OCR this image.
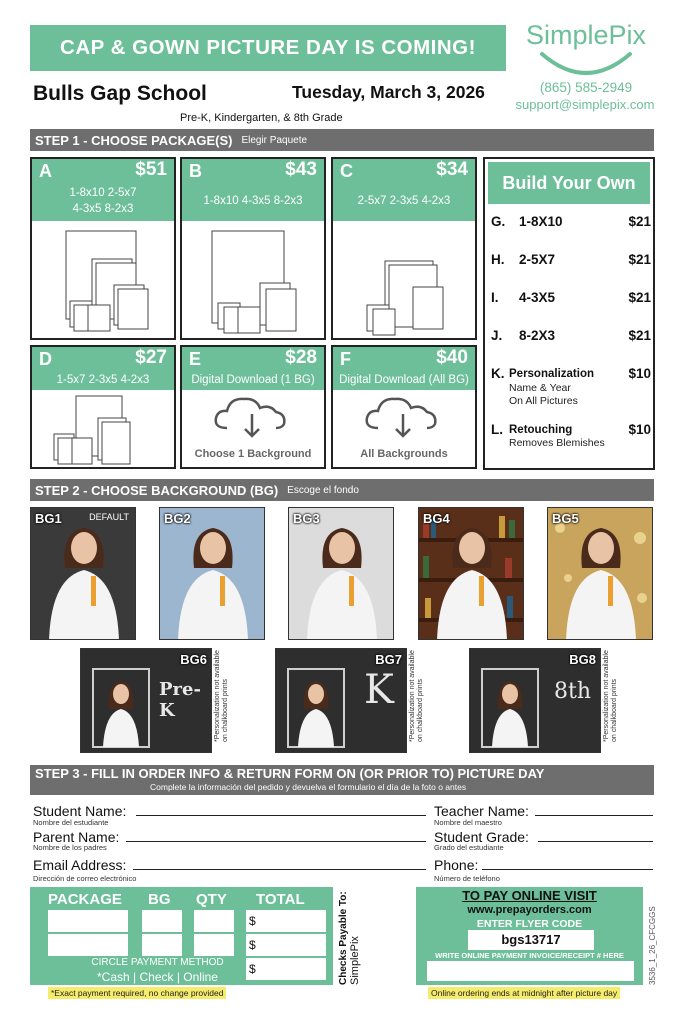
CAP & GOWN PICTURE DAY IS COMING!	SimplePix
(865) 585-2949
support@simplepix.com
Bulls Gap School	Tuesday, March 3, 2026
Pre-K, Kindergarten, & 8th Grade
STEP 1 - CHOOSE PACKAGE(S) Elegir Paquete
A	$51
1-8x10 2-5x7
4-3x5 8-2x3
B	$43
1-8x10 4-3x5 8-2x3
C	$34
2-5x7 2-3x5 4-2x3
Build Your Own
G. 1-8X10	$21
H. 2-5X7	$21
I. 4-3X5	$21
J. 8-2X3	$21
K. Personalization	$10
Name & Year
On All Pictures
L. Retouching	$10
Removes Blemishes
D	$27
1-5x7 2-3x5 4-2x3
E	$28
Digital Download (1 BG)
Choose 1 Background
F	$40
Digital Download (All BG)
All Backgrounds
STEP 2 - CHOOSE BACKGROUND (BG) Escoge el fondo
BG1	DEFAULT	BG2	BG3	BG4	BG5
BG6
Pre-K	*Personalization not available on chalkboard prints
BG7
K *Personalization not available on chalkboard prints
BG8
8th *Personalization not available on chalkboard prints
STEP 3 - FILL IN ORDER INFO & RETURN FORM ON (OR PRIOR TO) PICTURE DAY
Complete la información del pedido y devuelva el formulario el día de la foto o antes
Student Name:
Nombre del estudiante
Teacher Name:
Nombre del maestro
Parent Name:
Nombre de los padres
Student Grade:
Grado del estudiante
Email Address:
Dirección de correo electrónico
Phone:
Número de teléfono
PACKAGE BG QTY TOTAL
$
$
$
CIRCLE PAYMENT METHOD
*Cash | Check | Online
*Exact payment required, no change provided
Checks Payable To: SimplePix
TO PAY ONLINE VISIT
www.prepayorders.com
ENTER FLYER CODE
bgs13717
WRITE ONLINE PAYMENT INVOICE/RECEIPT # HERE
Online ordering ends at midnight after picture day
3536_1_26_CFCGGS
